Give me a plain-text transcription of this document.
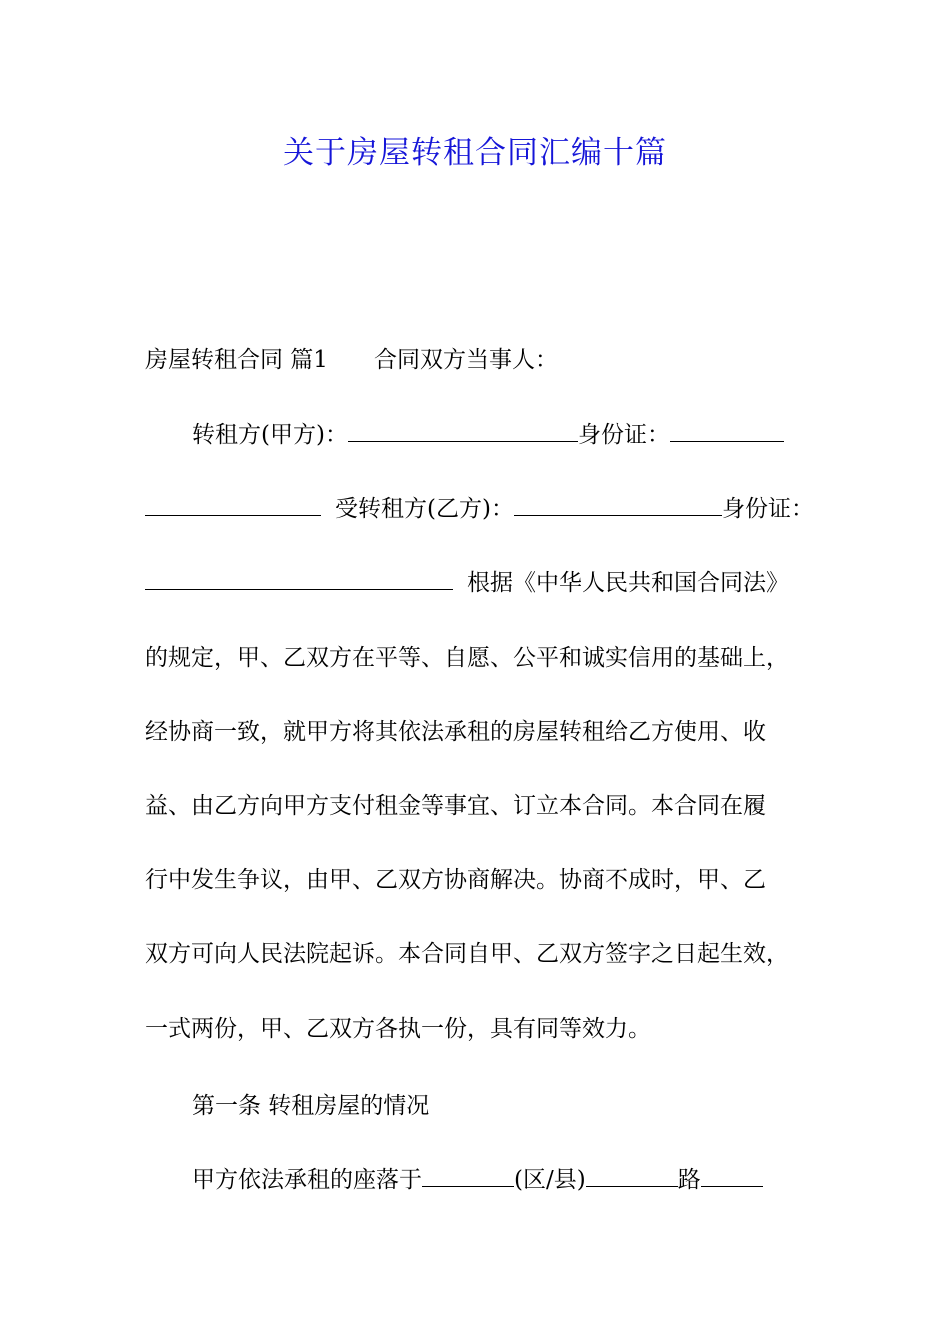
关于房屋转租合同汇编十篇
房屋转租合同 篇1 合同双方当事人：
转租方(甲方)：	身份证：
受转租方(乙方)：	身份证：
根据《中华人民共和国合同法》
的规定，甲、乙双方在平等、自愿、公平和诚实信用的基础上，
经协商一致，就甲方将其依法承租的房屋转租给乙方使用、收
益、由乙方向甲方支付租金等事宜、订立本合同。本合同在履
行中发生争议，由甲、乙双方协商解决。协商不成时，甲、乙
双方可向人民法院起诉。本合同自甲、乙双方签字之日起生效，
一式两份，甲、乙双方各执一份，具有同等效力。
第一条 转租房屋的情况
甲方依法承租的座落于	(区/县)	路
